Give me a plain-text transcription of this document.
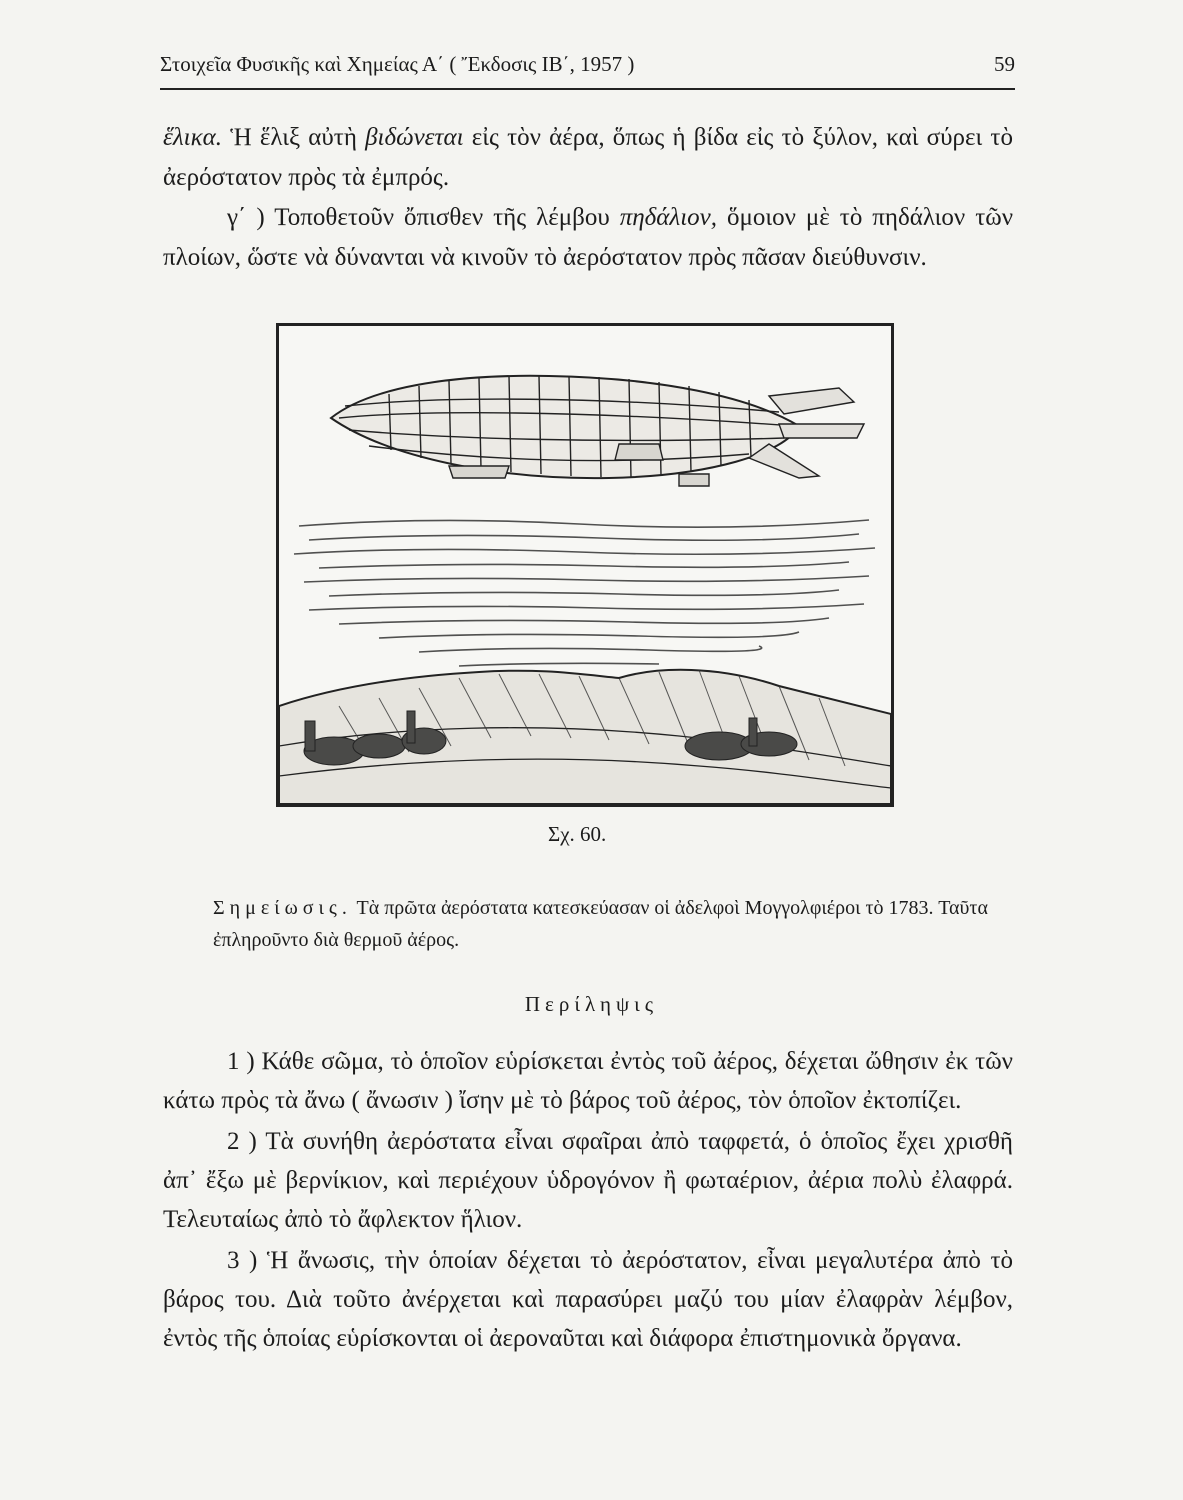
Στοιχεῖα Φυσικῆς καὶ Χημείας Α΄ ( Ἔκδοσις ΙΒ΄, 1957 )	59

ἕλικα. Ἡ ἕλιξ αὐτὴ βιδώνεται εἰς τὸν ἀέρα, ὅπως ἡ βίδα εἰς τὸ ξύλον, καὶ σύρει τὸ ἀερόστατον πρὸς τὰ ἐμπρός.

γ΄ ) Τοποθετοῦν ὄπισθεν τῆς λέμβου πηδάλιον, ὅμοιον μὲ τὸ πηδάλιον τῶν πλοίων, ὥστε νὰ δύνανται νὰ κινοῦν τὸ ἀερόστατον πρὸς πᾶσαν διεύθυνσιν.

Σχ. 60.
Σημείωσις. Τὰ πρῶτα ἀερόστατα κατεσκεύασαν οἱ ἀδελφοὶ Μογγολφιέροι τὸ 1783. Ταῦτα ἐπληροῦντο διὰ θερμοῦ ἀέρος.
Περίληψις

1 ) Κάθε σῶμα, τὸ ὁποῖον εὑρίσκεται ἐντὸς τοῦ ἀέρος, δέχεται ὤθησιν ἐκ τῶν κάτω πρὸς τὰ ἄνω ( ἄνωσιν ) ἴσην μὲ τὸ βάρος τοῦ ἀέρος, τὸν ὁποῖον ἐκτοπίζει.

2 ) Τὰ συνήθη ἀερόστατα εἶναι σφαῖραι ἀπὸ ταφφετά, ὁ ὁποῖος ἔχει χρισθῆ ἀπ᾿ ἔξω μὲ βερνίκιον, καὶ περιέχουν ὑδρογόνον ἢ φωταέριον, ἀέρια πολὺ ἐλαφρά. Τελευταίως ἀπὸ τὸ ἄφλεκτον ἥλιον.

3 ) Ἡ ἄνωσις, τὴν ὁποίαν δέχεται τὸ ἀερόστατον, εἶναι μεγαλυτέρα ἀπὸ τὸ βάρος του. Διὰ τοῦτο ἀνέρχεται καὶ παρασύρει μαζύ του μίαν ἐλαφρὰν λέμβον, ἐντὸς τῆς ὁποίας εὑρίσκονται οἱ ἀεροναῦται καὶ διάφορα ἐπιστημονικὰ ὄργανα.
